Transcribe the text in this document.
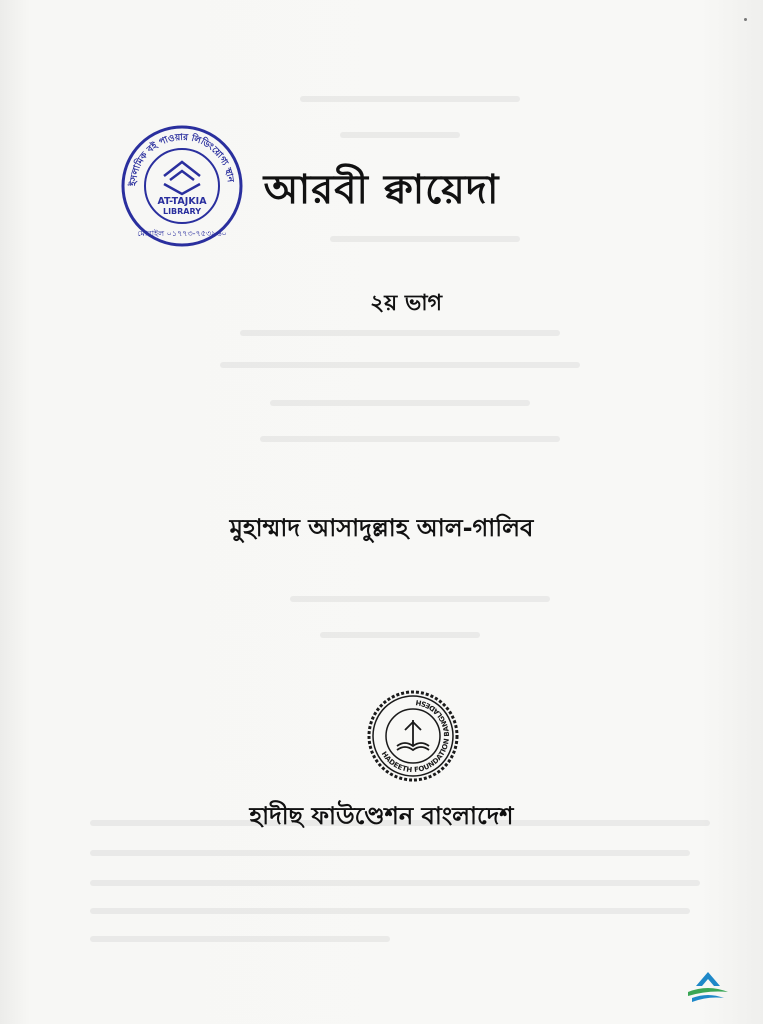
ইসলামিক বই পাওয়ার লিডিংয়োগ্য স্থান
মোবাইল ০১৭৭৩-৭৫৩৯৬০
AT-TAJKIA
LIBRARY	আরবী ক্বায়েদা
২য় ভাগ
মুহাম্মাদ আসাদুল্লাহ আল-গালিব
HADEETH FOUNDATION BANGLADESH
হাদীছ ফাউণ্ডেশন বাংলাদেশ
